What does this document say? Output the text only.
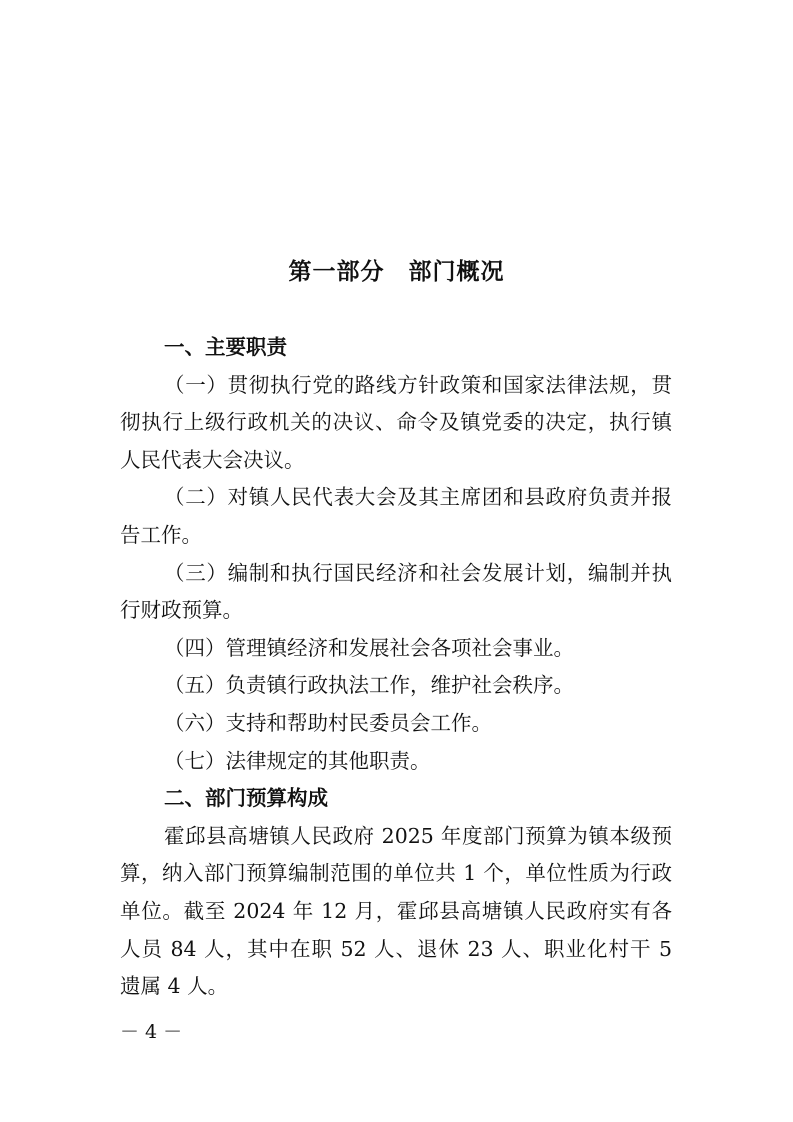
第一部分 部门概况
一、主要职责
（一）贯彻执行党的路线方针政策和国家法律法规，贯
彻执行上级行政机关的决议、命令及镇党委的决定，执行镇
人民代表大会决议。
（二）对镇人民代表大会及其主席团和县政府负责并报
告工作。
（三）编制和执行国民经济和社会发展计划，编制并执
行财政预算。
（四）管理镇经济和发展社会各项社会事业。
（五）负责镇行政执法工作，维护社会秩序。
（六）支持和帮助村民委员会工作。
（七）法律规定的其他职责。
二、部门预算构成
霍邱县高塘镇人民政府 2025 年度部门预算为镇本级预
算，纳入部门预算编制范围的单位共 1 个，单位性质为行政
单位。截至 2024 年 12 月，霍邱县高塘镇人民政府实有各
人员 84 人，其中在职 52 人、退休 23 人、职业化村干 5
遗属 4 人。
－ 4 －
